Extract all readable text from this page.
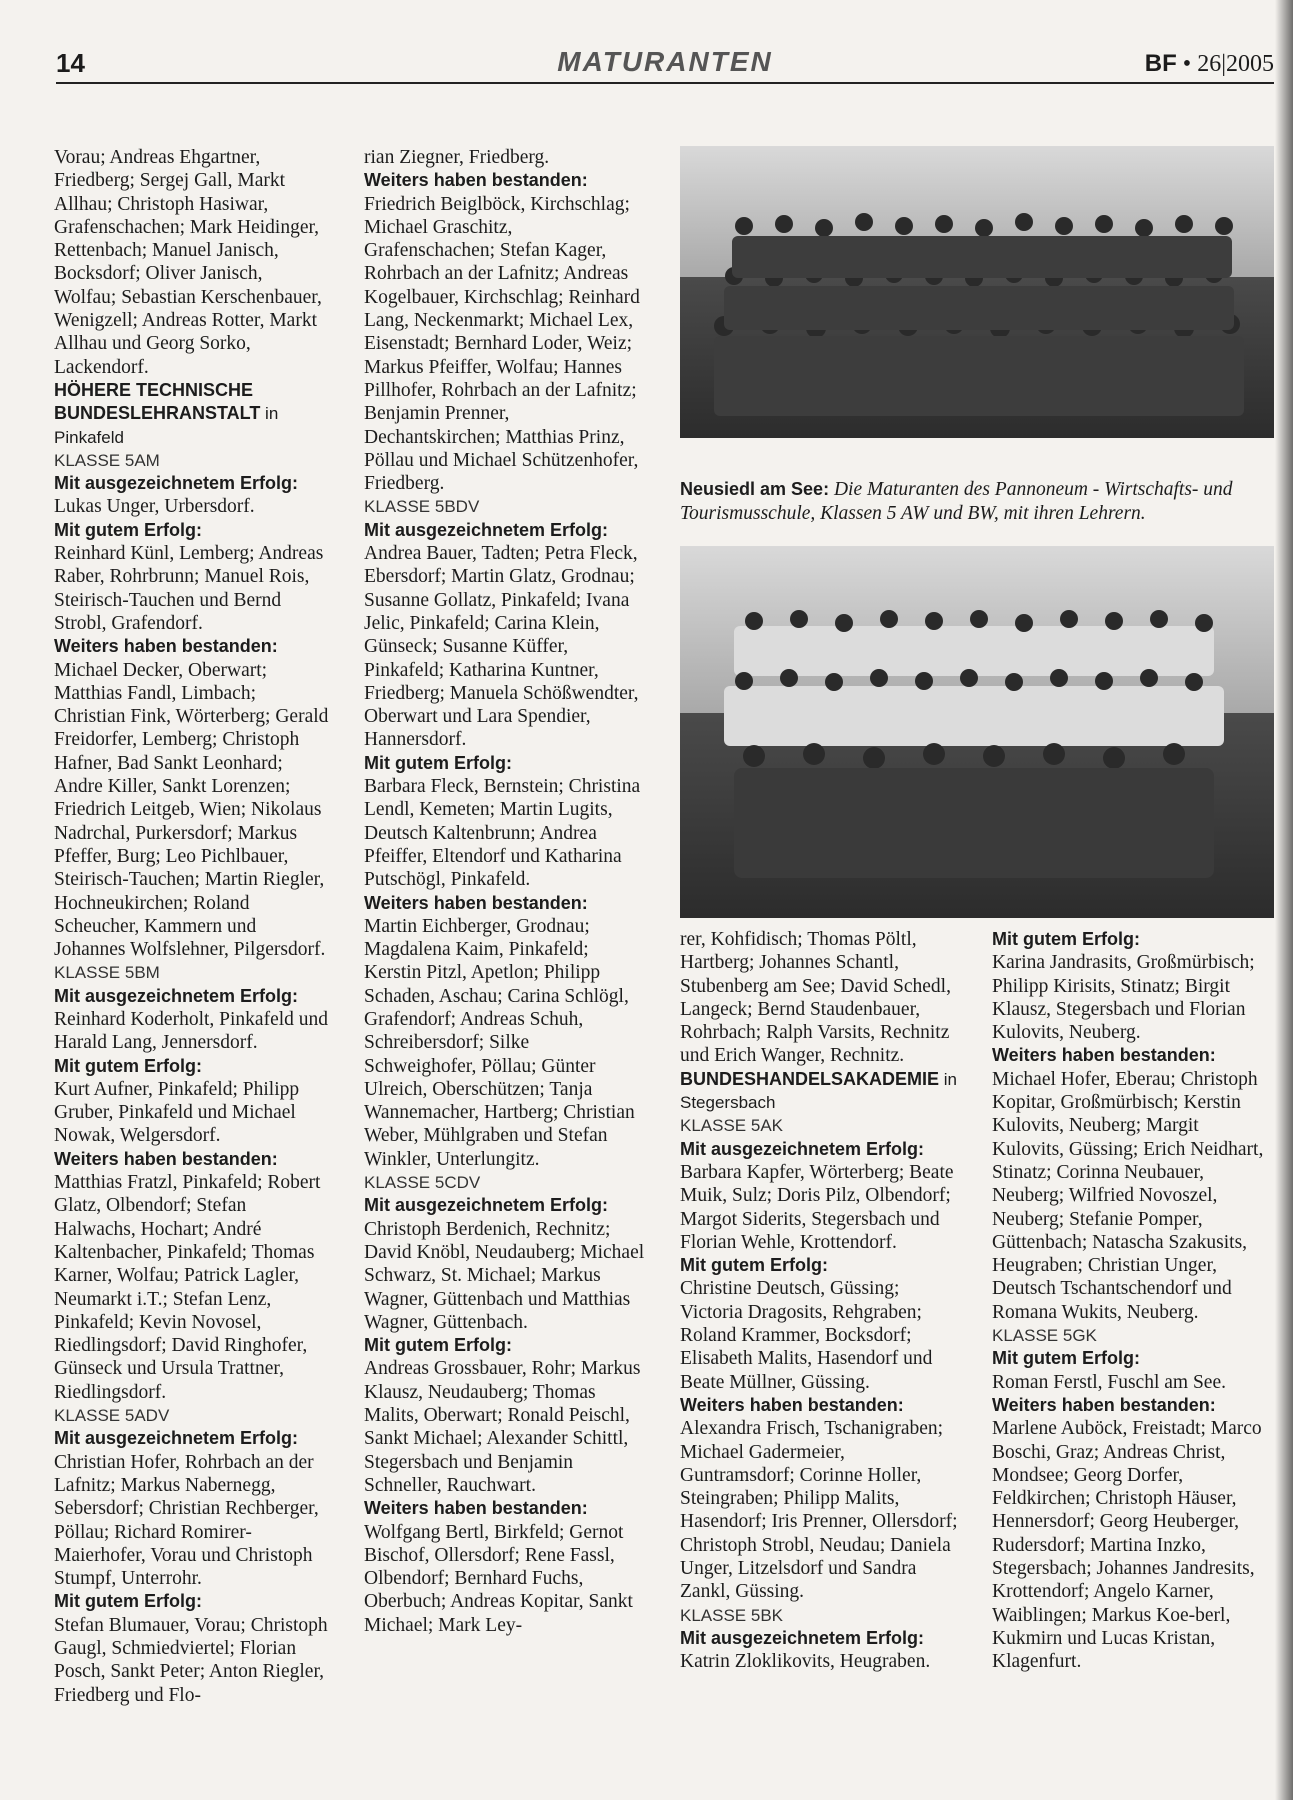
14	MATURANTEN	BF • 26|2005

Vorau; Andreas Ehgartner, Friedberg; Sergej Gall, Markt Allhau; Christoph Hasiwar, Grafenschachen; Mark Heidinger, Rettenbach; Manuel Janisch, Bocksdorf; Oliver Janisch, Wolfau; Sebastian Kerschenbauer, Wenigzell; Andreas Rotter, Markt Allhau und Georg Sorko, Lackendorf.

HÖHERE TECHNISCHE BUNDESLEHRANSTALT in Pinkafeld

KLASSE 5AM
Mit ausgezeichnetem Erfolg:

Lukas Unger, Urbersdorf.

Mit gutem Erfolg:

Reinhard Künl, Lemberg; Andreas Raber, Rohrbrunn; Manuel Rois, Steirisch-Tauchen und Bernd Strobl, Grafendorf.

Weiters haben bestanden:

Michael Decker, Oberwart; Matthias Fandl, Limbach; Christian Fink, Wörterberg; Gerald Freidorfer, Lemberg; Christoph Hafner, Bad Sankt Leonhard; Andre Killer, Sankt Lorenzen; Friedrich Leitgeb, Wien; Nikolaus Nadrchal, Purkersdorf; Markus Pfeffer, Burg; Leo Pichlbauer, Steirisch-Tauchen; Martin Riegler, Hochneukirchen; Roland Scheucher, Kammern und Johannes Wolfslehner, Pilgersdorf.

KLASSE 5BM
Mit ausgezeichnetem Erfolg:

Reinhard Koderholt, Pinkafeld und Harald Lang, Jennersdorf.

Mit gutem Erfolg:

Kurt Aufner, Pinkafeld; Philipp Gruber, Pinkafeld und Michael Nowak, Welgersdorf.

Weiters haben bestanden:

Matthias Fratzl, Pinkafeld; Robert Glatz, Olbendorf; Stefan Halwachs, Hochart; André Kaltenbacher, Pinkafeld; Thomas Karner, Wolfau; Patrick Lagler, Neumarkt i.T.; Stefan Lenz, Pinkafeld; Kevin Novosel, Riedlingsdorf; David Ringhofer, Günseck und Ursula Trattner, Riedlingsdorf.

KLASSE 5ADV
Mit ausgezeichnetem Erfolg:

Christian Hofer, Rohrbach an der Lafnitz; Markus Nabernegg, Sebersdorf; Christian Rechberger, Pöllau; Richard Romirer-Maierhofer, Vorau und Christoph Stumpf, Unterrohr.

Mit gutem Erfolg:

Stefan Blumauer, Vorau; Christoph Gaugl, Schmiedviertel; Florian Posch, Sankt Peter; Anton Riegler, Friedberg und Flo-

rian Ziegner, Friedberg.

Weiters haben bestanden:

Friedrich Beiglböck, Kirchschlag; Michael Graschitz, Grafenschachen; Stefan Kager, Rohrbach an der Lafnitz; Andreas Kogelbauer, Kirchschlag; Reinhard Lang, Neckenmarkt; Michael Lex, Eisenstadt; Bernhard Loder, Weiz; Markus Pfeiffer, Wolfau; Hannes Pillhofer, Rohrbach an der Lafnitz; Benjamin Prenner, Dechantskirchen; Matthias Prinz, Pöllau und Michael Schützenhofer, Friedberg.

KLASSE 5BDV
Mit ausgezeichnetem Erfolg:

Andrea Bauer, Tadten; Petra Fleck, Ebersdorf; Martin Glatz, Grodnau; Susanne Gollatz, Pinkafeld; Ivana Jelic, Pinkafeld; Carina Klein, Günseck; Susanne Küffer, Pinkafeld; Katharina Kuntner, Friedberg; Manuela Schößwendter, Oberwart und Lara Spendier, Hannersdorf.

Mit gutem Erfolg:

Barbara Fleck, Bernstein; Christina Lendl, Kemeten; Martin Lugits, Deutsch Kaltenbrunn; Andrea Pfeiffer, Eltendorf und Katharina Putschögl, Pinkafeld.

Weiters haben bestanden:

Martin Eichberger, Grodnau; Magdalena Kaim, Pinkafeld; Kerstin Pitzl, Apetlon; Philipp Schaden, Aschau; Carina Schlögl, Grafendorf; Andreas Schuh, Schreibersdorf; Silke Schweighofer, Pöllau; Günter Ulreich, Oberschützen; Tanja Wannemacher, Hartberg; Christian Weber, Mühlgraben und Stefan Winkler, Unterlungitz.

KLASSE 5CDV
Mit ausgezeichnetem Erfolg:

Christoph Berdenich, Rechnitz; David Knöbl, Neudauberg; Michael Schwarz, St. Michael; Markus Wagner, Güttenbach und Matthias Wagner, Güttenbach.

Mit gutem Erfolg:

Andreas Grossbauer, Rohr; Markus Klausz, Neudauberg; Thomas Malits, Oberwart; Ronald Peischl, Sankt Michael; Alexander Schittl, Stegersbach und Benjamin Schneller, Rauchwart.

Weiters haben bestanden:

Wolfgang Bertl, Birkfeld; Gernot Bischof, Ollersdorf; Rene Fassl, Olbendorf; Bernhard Fuchs, Oberbuch; Andreas Kopitar, Sankt Michael; Mark Ley-

Neusiedl am See: Die Maturanten des Pannoneum - Wirtschafts- und Tourismusschule, Klassen 5 AW und BW, mit ihren Lehrern.

rer, Kohfidisch; Thomas Pöltl, Hartberg; Johannes Schantl, Stubenberg am See; David Schedl, Langeck; Bernd Staudenbauer, Rohrbach; Ralph Varsits, Rechnitz und Erich Wanger, Rechnitz.

BUNDESHANDELSAKADEMIE in Stegersbach

KLASSE 5AK
Mit ausgezeichnetem Erfolg:

Barbara Kapfer, Wörterberg; Beate Muik, Sulz; Doris Pilz, Olbendorf; Margot Siderits, Stegersbach und Florian Wehle, Krottendorf.

Mit gutem Erfolg:

Christine Deutsch, Güssing; Victoria Dragosits, Rehgraben; Roland Krammer, Bocksdorf; Elisabeth Malits, Hasendorf und Beate Müllner, Güssing.

Weiters haben bestanden:

Alexandra Frisch, Tschanigraben; Michael Gadermeier, Guntramsdorf; Corinne Holler, Steingraben; Philipp Malits, Hasendorf; Iris Prenner, Ollersdorf; Christoph Strobl, Neudau; Daniela Unger, Litzelsdorf und Sandra Zankl, Güssing.

KLASSE 5BK
Mit ausgezeichnetem Erfolg:

Katrin Zloklikovits, Heugraben.

Mit gutem Erfolg:

Karina Jandrasits, Großmürbisch; Philipp Kirisits, Stinatz; Birgit Klausz, Stegersbach und Florian Kulovits, Neuberg.

Weiters haben bestanden:

Michael Hofer, Eberau; Christoph Kopitar, Großmürbisch; Kerstin Kulovits, Neuberg; Margit Kulovits, Güssing; Erich Neidhart, Stinatz; Corinna Neubauer, Neuberg; Wilfried Novoszel, Neuberg; Stefanie Pomper, Güttenbach; Natascha Szakusits, Heugraben; Christian Unger, Deutsch Tschantschendorf und Romana Wukits, Neuberg.

KLASSE 5GK
Mit gutem Erfolg:

Roman Ferstl, Fuschl am See.

Weiters haben bestanden:

Marlene Auböck, Freistadt; Marco Boschi, Graz; Andreas Christ, Mondsee; Georg Dorfer, Feldkirchen; Christoph Häuser, Hennersdorf; Georg Heuberger, Rudersdorf; Martina Inzko, Stegersbach; Johannes Jandresits, Krottendorf; Angelo Karner, Waiblingen; Markus Koe-berl, Kukmirn und Lucas Kristan, Klagenfurt.
